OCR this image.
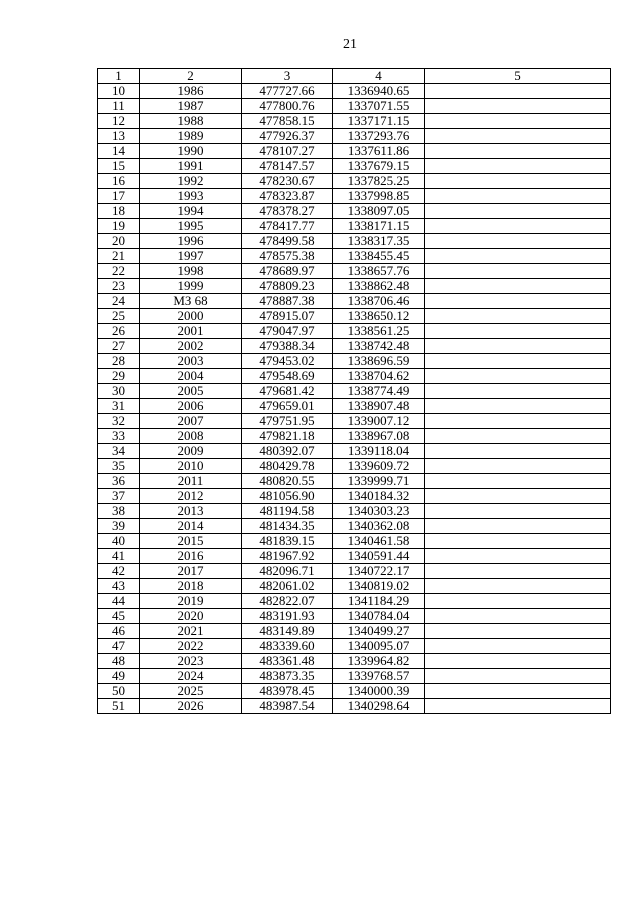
21
1	2	3	4	5
10	1986	477727.66	1336940.65	
11	1987	477800.76	1337071.55	
12	1988	477858.15	1337171.15	
13	1989	477926.37	1337293.76	
14	1990	478107.27	1337611.86	
15	1991	478147.57	1337679.15	
16	1992	478230.67	1337825.25	
17	1993	478323.87	1337998.85	
18	1994	478378.27	1338097.05	
19	1995	478417.77	1338171.15	
20	1996	478499.58	1338317.35	
21	1997	478575.38	1338455.45	
22	1998	478689.97	1338657.76	
23	1999	478809.23	1338862.48	
24	МЗ 68	478887.38	1338706.46	
25	2000	478915.07	1338650.12	
26	2001	479047.97	1338561.25	
27	2002	479388.34	1338742.48	
28	2003	479453.02	1338696.59	
29	2004	479548.69	1338704.62	
30	2005	479681.42	1338774.49	
31	2006	479659.01	1338907.48	
32	2007	479751.95	1339007.12	
33	2008	479821.18	1338967.08	
34	2009	480392.07	1339118.04	
35	2010	480429.78	1339609.72	
36	2011	480820.55	1339999.71	
37	2012	481056.90	1340184.32	
38	2013	481194.58	1340303.23	
39	2014	481434.35	1340362.08	
40	2015	481839.15	1340461.58	
41	2016	481967.92	1340591.44	
42	2017	482096.71	1340722.17	
43	2018	482061.02	1340819.02	
44	2019	482822.07	1341184.29	
45	2020	483191.93	1340784.04	
46	2021	483149.89	1340499.27	
47	2022	483339.60	1340095.07	
48	2023	483361.48	1339964.82	
49	2024	483873.35	1339768.57	
50	2025	483978.45	1340000.39	
51	2026	483987.54	1340298.64	
